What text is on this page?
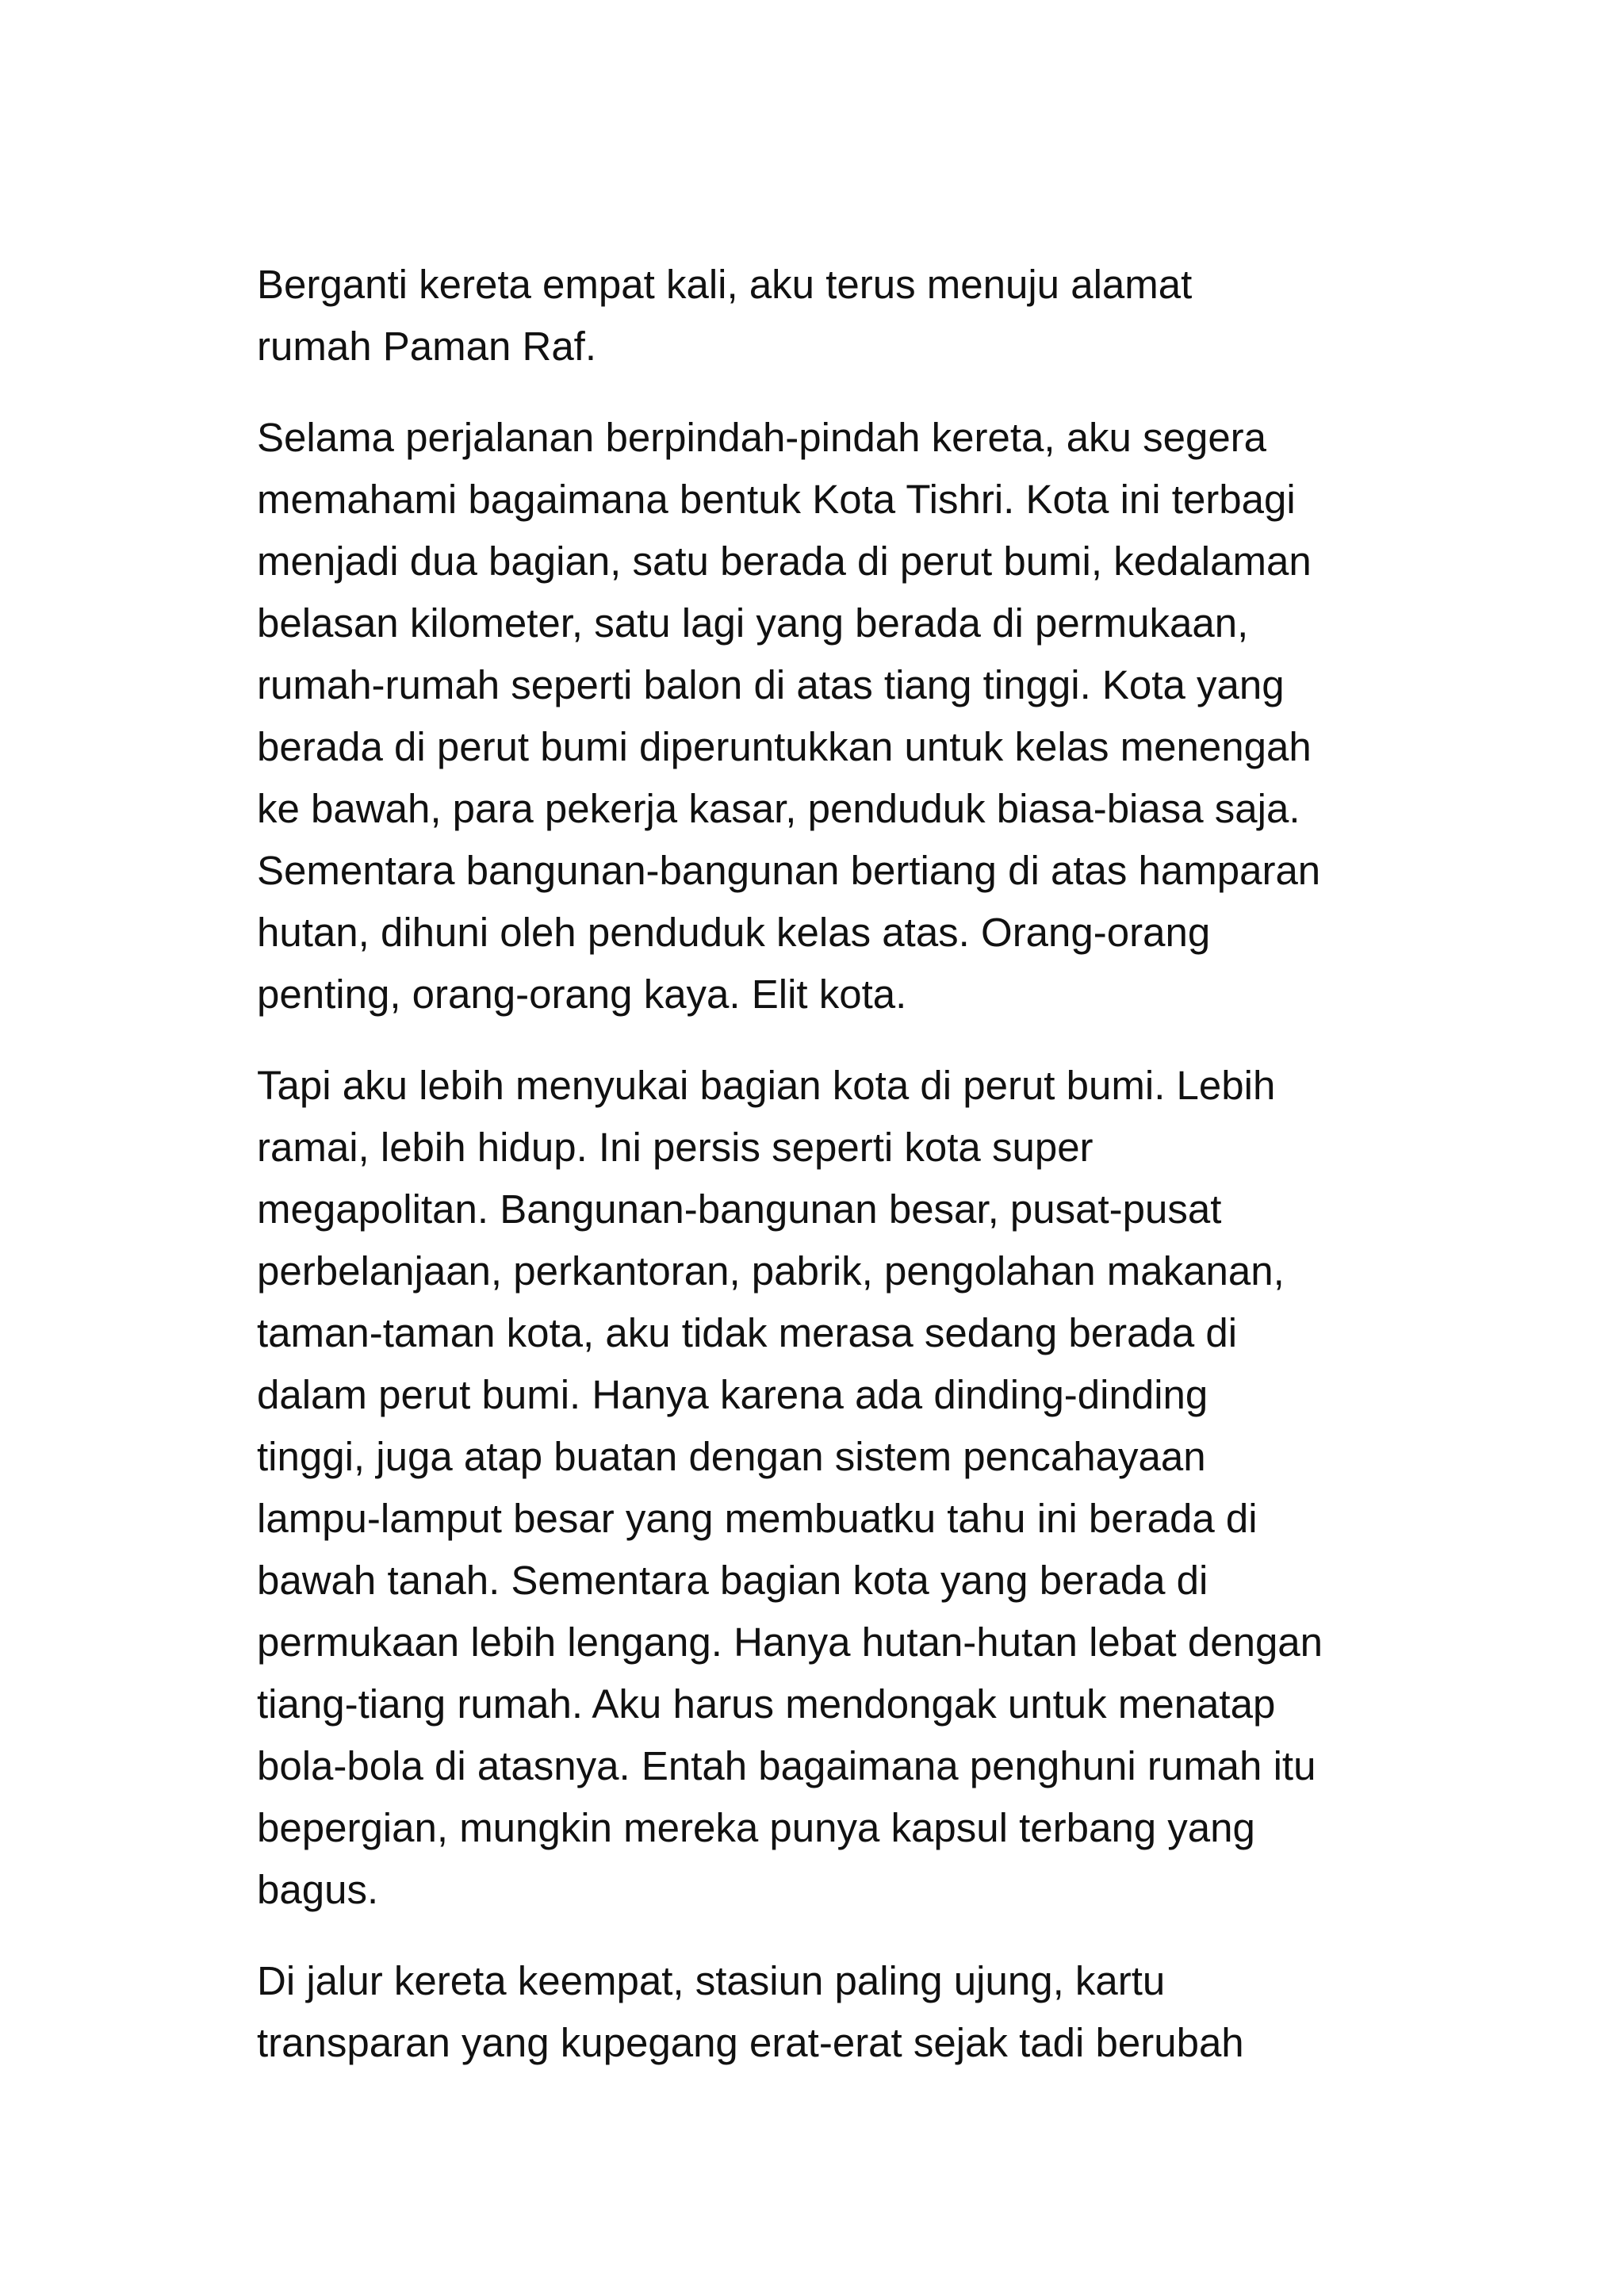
Berganti kereta empat kali, aku terus menuju alamat
rumah Paman Raf.

Selama perjalanan berpindah-pindah kereta, aku segera
memahami bagaimana bentuk Kota Tishri. Kota ini terbagi
menjadi dua bagian, satu berada di perut bumi, kedalaman
belasan kilometer, satu lagi yang berada di permukaan,
rumah-rumah seperti balon di atas tiang tinggi. Kota yang
berada di perut bumi diperuntukkan untuk kelas menengah
ke bawah, para pekerja kasar, penduduk biasa-biasa saja.
Sementara bangunan-bangunan bertiang di atas hamparan
hutan, dihuni oleh penduduk kelas atas. Orang-orang
penting, orang-orang kaya. Elit kota.

Tapi aku lebih menyukai bagian kota di perut bumi. Lebih
ramai, lebih hidup. Ini persis seperti kota super
megapolitan. Bangunan-bangunan besar, pusat-pusat
perbelanjaan, perkantoran, pabrik, pengolahan makanan,
taman-taman kota, aku tidak merasa sedang berada di
dalam perut bumi. Hanya karena ada dinding-dinding
tinggi, juga atap buatan dengan sistem pencahayaan
lampu-lamput besar yang membuatku tahu ini berada di
bawah tanah. Sementara bagian kota yang berada di
permukaan lebih lengang. Hanya hutan-hutan lebat dengan
tiang-tiang rumah. Aku harus mendongak untuk menatap
bola-bola di atasnya. Entah bagaimana penghuni rumah itu
bepergian, mungkin mereka punya kapsul terbang yang
bagus.

Di jalur kereta keempat, stasiun paling ujung, kartu
transparan yang kupegang erat-erat sejak tadi berubah
